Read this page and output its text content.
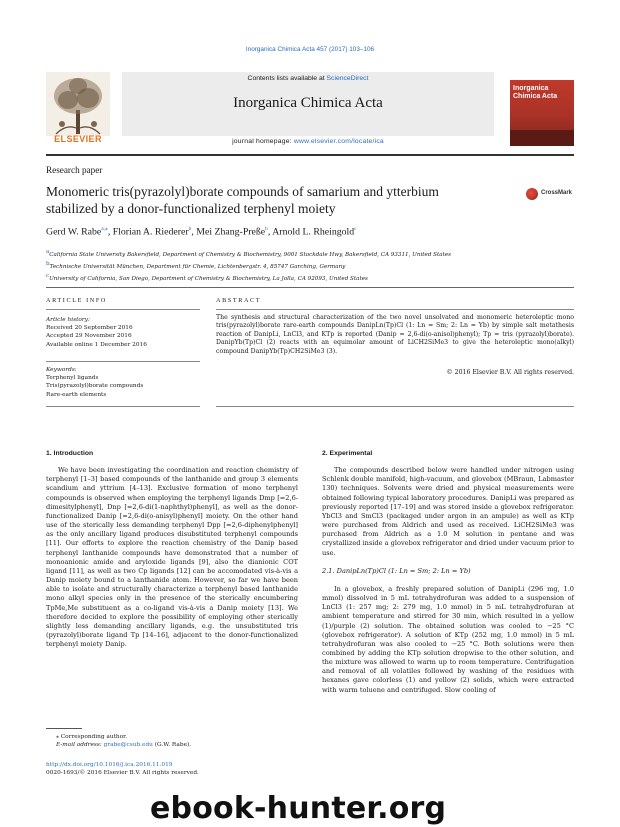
Inorganica Chimica Acta 457 (2017) 103–106
ELSEVIER
Contents lists available at ScienceDirect
Inorganica Chimica Acta
journal homepage: www.elsevier.com/locate/ica
Inorganica Chimica Acta
Research paper
Monomeric tris(pyrazolyl)borate compounds of samarium and ytterbium stabilized by a donor-functionalized terphenyl moiety
CrossMark
Gerd W. Rabe$^{a,⁎}$, Florian A. Riederer$^b$, Mei Zhang-Preße$^b$, Arnold L. Rheingold$^c$
$^a$California State University Bakersfield, Department of Chemistry & Biochemistry, 9001 Stockdale Hwy, Bakersfield, CA 93311, United States
$^b$Technische Universität München, Department für Chemie, Lichtenbergstr. 4, 85747 Garching, Germany
$^c$University of California, San Diego, Department of Chemistry & Biochemistry, La Jolla, CA 92093, United States
ARTICLE INFO	ABSTRACT
Article history:
Received 20 September 2016
Accepted 29 November 2016
Available online 1 December 2016
Keywords:
Terphenyl ligands
Tris(pyrazolyl)borate compounds
Rare-earth elements
The synthesis and structural characterization of the two novel unsolvated and monomeric heteroleptic mono tris(pyrazolyl)borate rare-earth compounds DanipLn(Tp)Cl (1: Ln = Sm; 2: Ln = Yb) by simple salt metathesis reaction of DanipLi, LnCl3, and KTp is reported (Danip = 2,6-di(o-anisol)phenyl); Tp = tris (pyrazolyl)borate). DanipYb(Tp)Cl (2) reacts with an equimolar amount of LiCH2SiMe3 to give the heteroleptic mono(alkyl) compound DanipYb(Tp)CH2SiMe3 (3).
© 2016 Elsevier B.V. All rights reserved.
1. Introduction

We have been investigating the coordination and reaction chemistry of terphenyl [1–3] based compounds of the lanthanide and group 3 elements scandium and yttrium [4–13]. Exclusive formation of mono terphenyl compounds is observed when employing the terphenyl ligands Dmp [=2,6-dimesitylphenyl], Dnp [=2,6-di(1-naphthyl)phenyl], as well as the donor-functionalized Danip [=2,6-di(o-anisyl)phenyl] moiety. On the other hand use of the sterically less demanding terphenyl Dpp [=2,6-diphenylphenyl] as the only ancillary ligand produces disubstituted terphenyl compounds [11]. Our efforts to explore the reaction chemistry of the Danip based terphenyl lanthanide compounds have demonstrated that a number of monoanionic amide and aryloxide ligands [9], also the dianionic COT ligand [11], as well as two Cp ligands [12] can be accomodated vis-à-vis a Danip moiety bound to a lanthanide atom. However, so far we have been able to isolate and structurally characterize a terphenyl based lanthanide mono alkyl species only in the presence of the sterically encumbering TpMe,Me substituent as a co-ligand vis-à-vis a Danip moiety [13]. We therefore decided to explore the possibility of employing other sterically slightly less demanding ancillary ligands, e.g. the unsubstituted tris (pyrazolyl)borate ligand Tp [14–16], adjacent to the donor-functionalized terphenyl moiety Danip.

2. Experimental

The compounds described below were handled under nitrogen using Schlenk double manifold, high-vacuum, and glovebox (MBraun, Labmaster 130) techniques. Solvents were dried and physical measurements were obtained following typical laboratory procedures. DanipLi was prepared as previously reported [17–19] and was stored inside a glovebox refrigerator. YbCl3 and SmCl3 (packaged under argon in an ampule) as well as KTp were purchased from Aldrich and used as received. LiCH2SiMe3 was purchased from Aldrich as a 1.0 M solution in pentane and was crystallized inside a glovebox refrigerator and dried under vacuum prior to use.

2.1. DanipLn(Tp)Cl (1: Ln = Sm; 2: Ln = Yb)

In a glovebox, a freshly prepared solution of DanipLi (296 mg, 1.0 mmol) dissolved in 5 mL tetrahydrofuran was added to a suspension of LnCl3 (1: 257 mg; 2: 279 mg, 1.0 mmol) in 5 mL tetrahydrofuran at ambient temperature and stirred for 30 min, which resulted in a yellow (1)/purple (2) solution. The obtained solution was cooled to −25 °C (glovebox refrigerator). A solution of KTp (252 mg, 1.0 mmol) in 5 mL tetrahydrofuran was also cooled to −25 °C. Both solutions were then combined by adding the KTp solution dropwise to the other solution, and the mixture was allowed to warm up to room temperature. Centrifugation and removal of all volatiles followed by washing of the residues with hexanes gave colorless (1) and yellow (2) solids, which were extracted with warm toluene and centrifuged. Slow cooling of

⁎ Corresponding author.
E-mail address: grabe@csub.edu (G.W. Rabe).
http://dx.doi.org/10.1016/j.ica.2016.11.019
0020-1693/© 2016 Elsevier B.V. All rights reserved.
ebook-hunter.org
